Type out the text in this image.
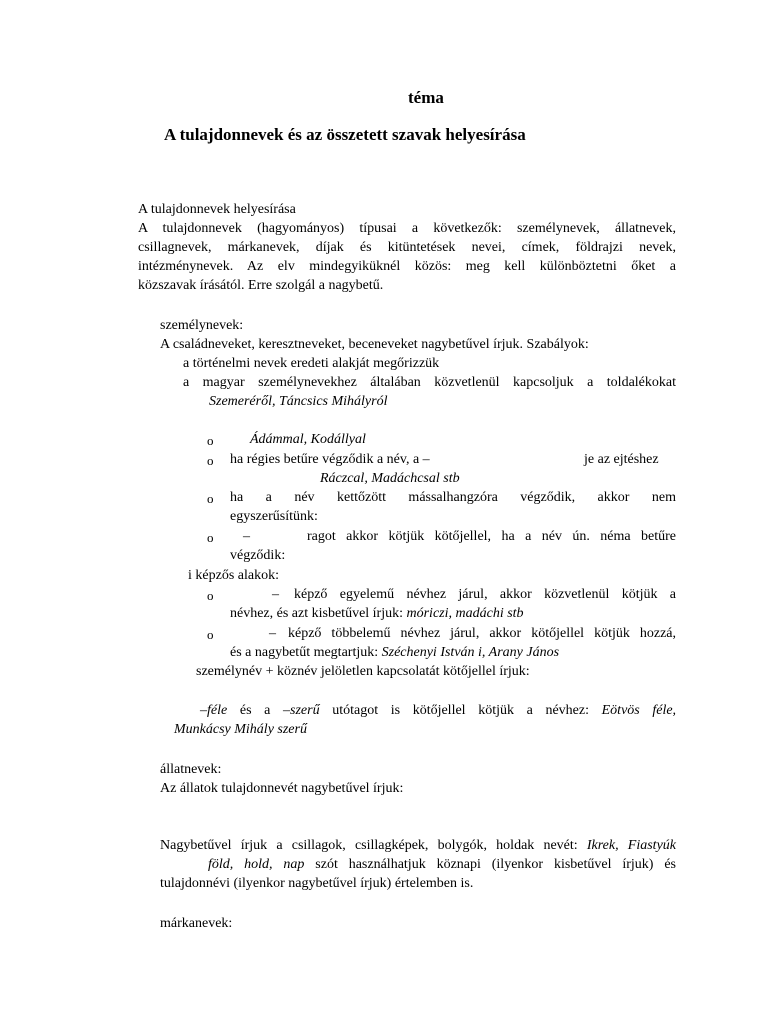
téma
A tulajdonnevek és az összetett szavak helyesírása
A tulajdonnevek helyesírása
A tulajdonnevek (hagyományos) típusai a következők: személynevek, állatnevek,
csillagnevek, márkanevek, díjak és kitüntetések nevei, címek, földrajzi nevek,
intézménynevek. Az elv mindegyiküknél közös: meg kell különböztetni őket a
közszavak írásától. Erre szolgál a nagybetű.
személynevek:
A családneveket, keresztneveket, beceneveket nagybetűvel írjuk. Szabályok:
a történelmi nevek eredeti alakját megőrizzük
a magyar személynevekhez általában közvetlenül kapcsoljuk a toldalékokat
Szemeréről, Táncsics Mihályról
o	Ádámmal, Kodállyal
o ha régies betűre végződik a név, a –	je az ejtéshez
Ráczcal, Madáchcsal stb
o ha a név kettőzött mássalhangzóra végződik, akkor nem
egyszerűsítünk:
o –	ragot akkor kötjük kötőjellel, ha a név ún. néma betűre
végződik:
i képzős alakok:
o	– képző egyelemű névhez járul, akkor közvetlenül kötjük a
névhez, és azt kisbetűvel írjuk: móriczi, madáchi stb
o	– képző többelemű névhez járul, akkor kötőjellel kötjük hozzá,
és a nagybetűt megtartjuk: Széchenyi István i, Arany János
személynév + köznév jelöletlen kapcsolatát kötőjellel írjuk:
–féle és a –szerű utótagot is kötőjellel kötjük a névhez: Eötvös féle,
Munkácsy Mihály szerű
állatnevek:
Az állatok tulajdonnevét nagybetűvel írjuk:
Nagybetűvel írjuk a csillagok, csillagképek, bolygók, holdak nevét: Ikrek, Fiastyúk
föld, hold, nap szót használhatjuk köznapi (ilyenkor kisbetűvel írjuk) és
tulajdonnévi (ilyenkor nagybetűvel írjuk) értelemben is.
márkanevek:
